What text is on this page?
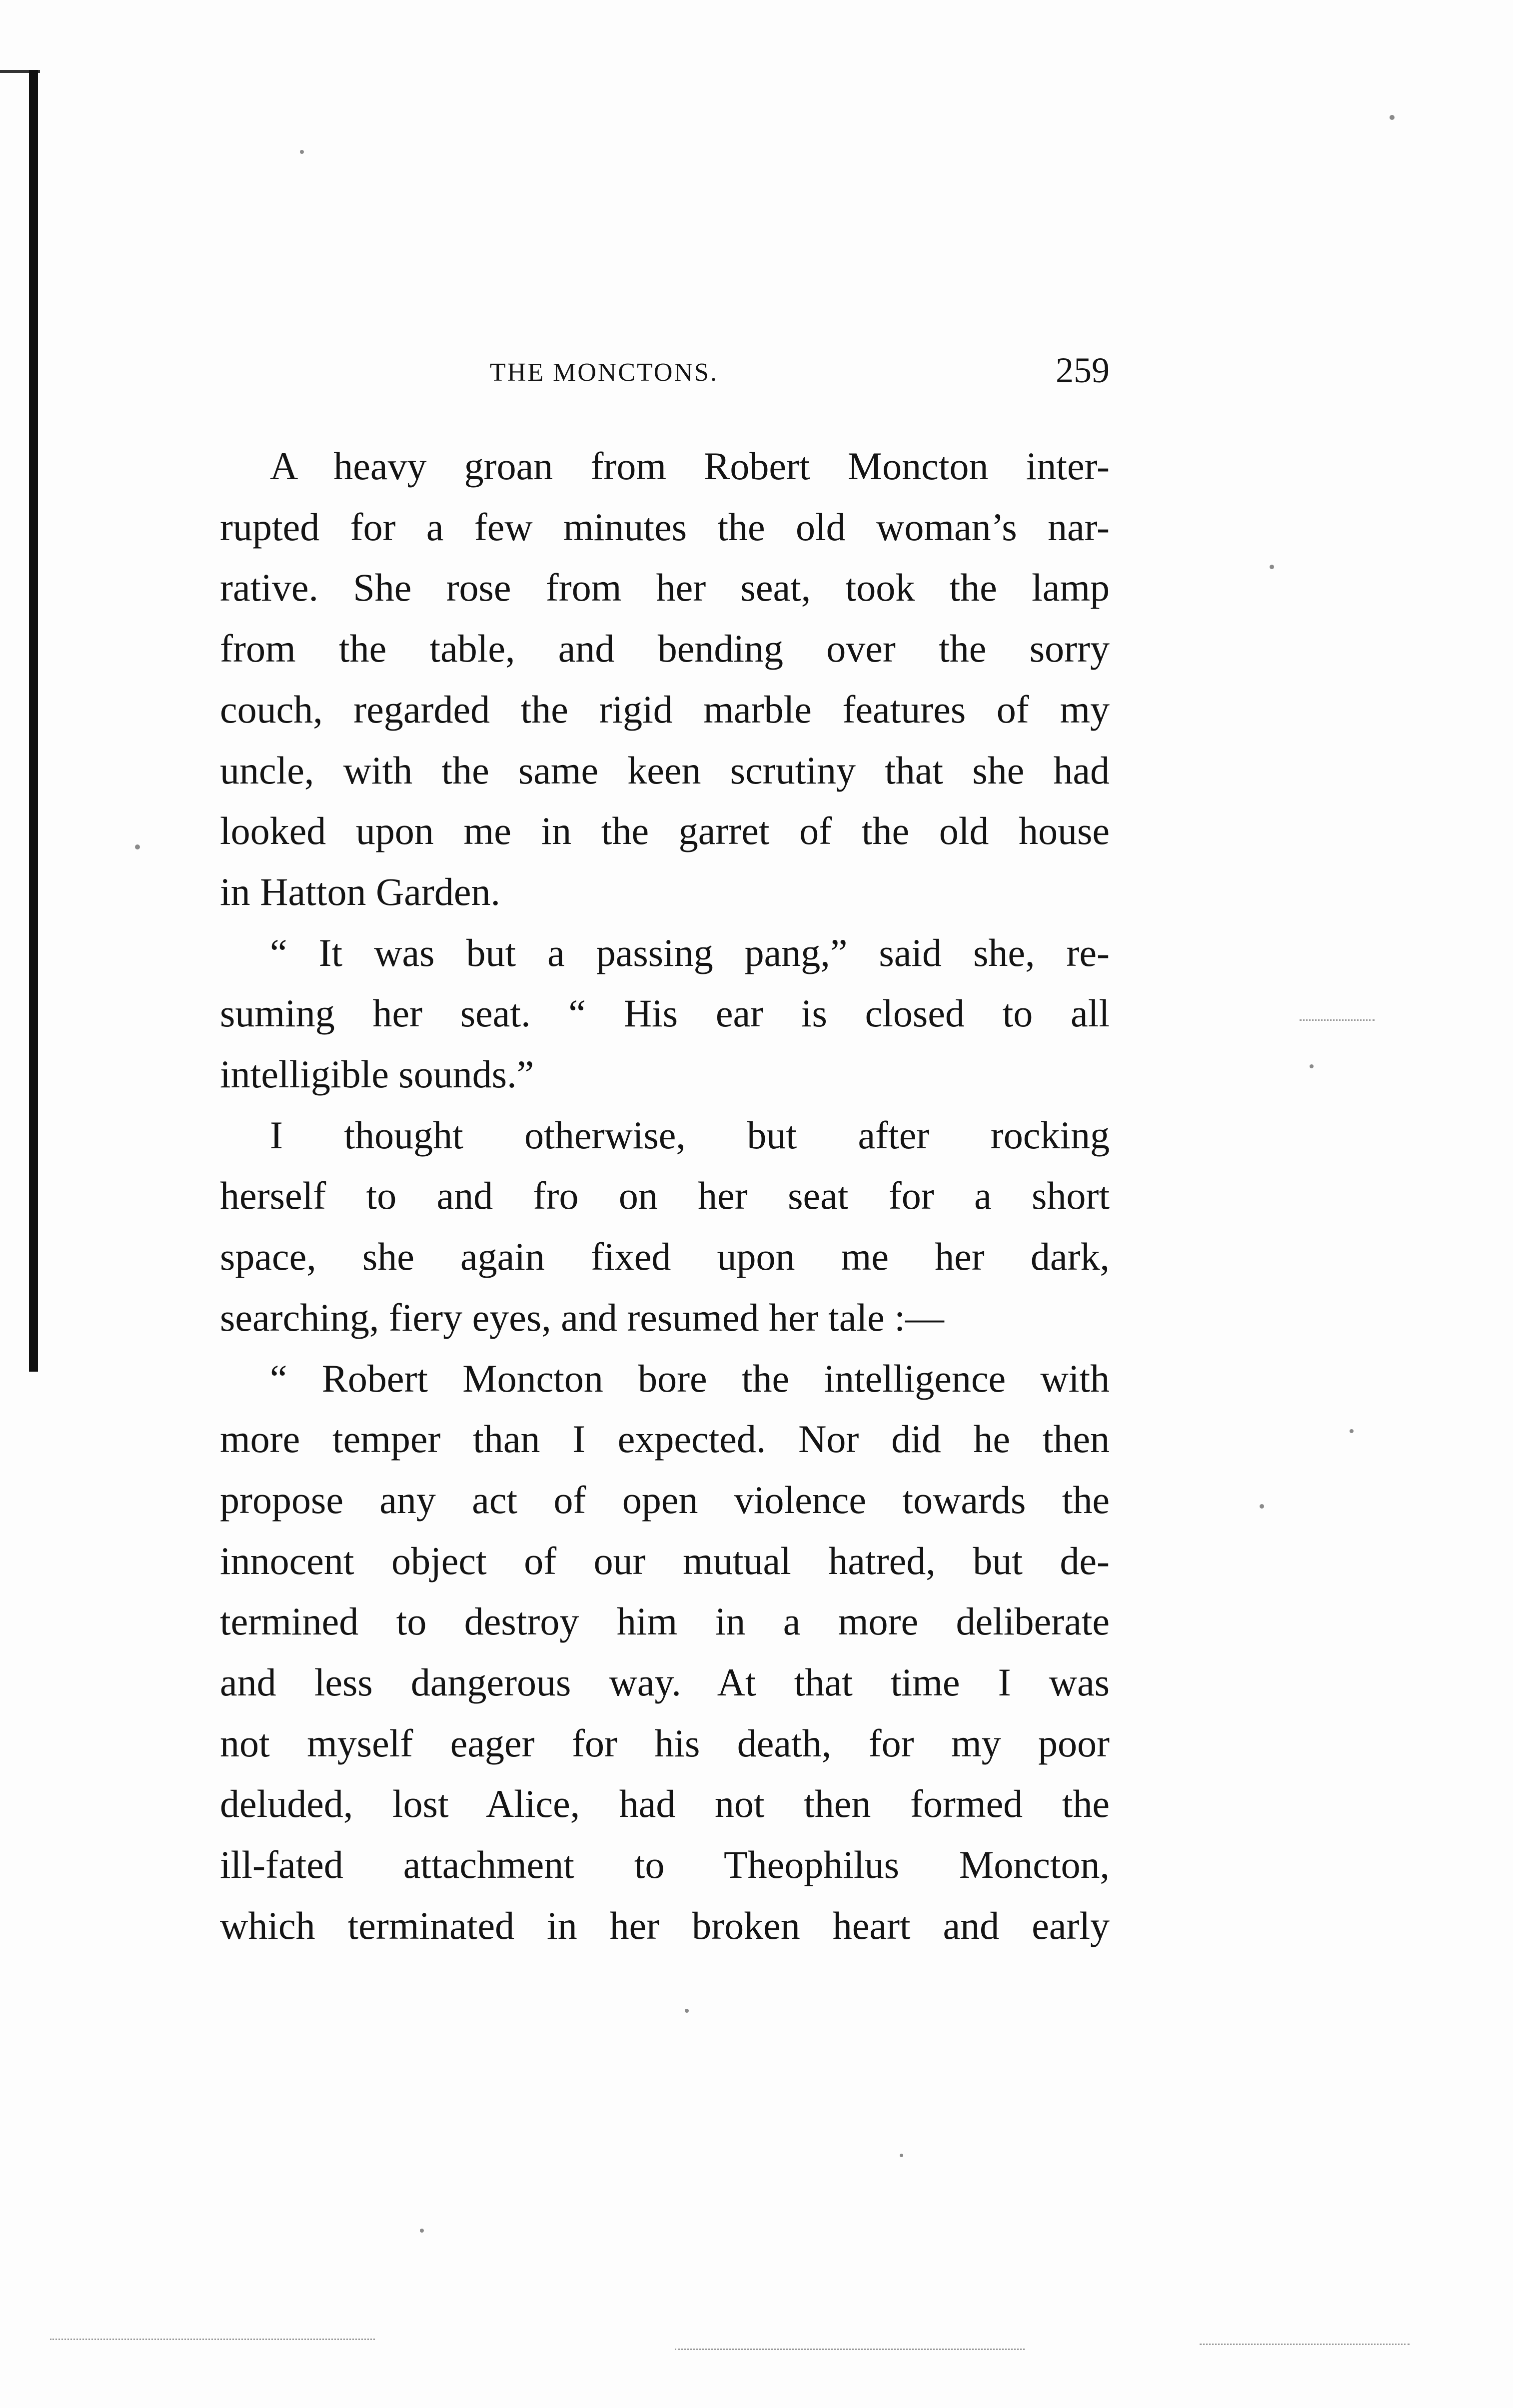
THE MONCTONS.	259

A heavy groan from Robert Moncton inter-
rupted for a few minutes the old woman’s nar-
rative. She rose from her seat, took the lamp
from the table, and bending over the sorry
couch, regarded the rigid marble features of my
uncle, with the same keen scrutiny that she had
looked upon me in the garret of the old house
in Hatton Garden.

“ It was but a passing pang,” said she, re-
suming her seat. “ His ear is closed to all
intelligible sounds.”

I thought otherwise, but after rocking
herself to and fro on her seat for a short
space, she again fixed upon me her dark,
searching, fiery eyes, and resumed her tale :—

“ Robert Moncton bore the intelligence with
more temper than I expected. Nor did he then
propose any act of open violence towards the
innocent object of our mutual hatred, but de-
termined to destroy him in a more deliberate
and less dangerous way. At that time I was
not myself eager for his death, for my poor
deluded, lost Alice, had not then formed the
ill-fated attachment to Theophilus Moncton,
which terminated in her broken heart and early
